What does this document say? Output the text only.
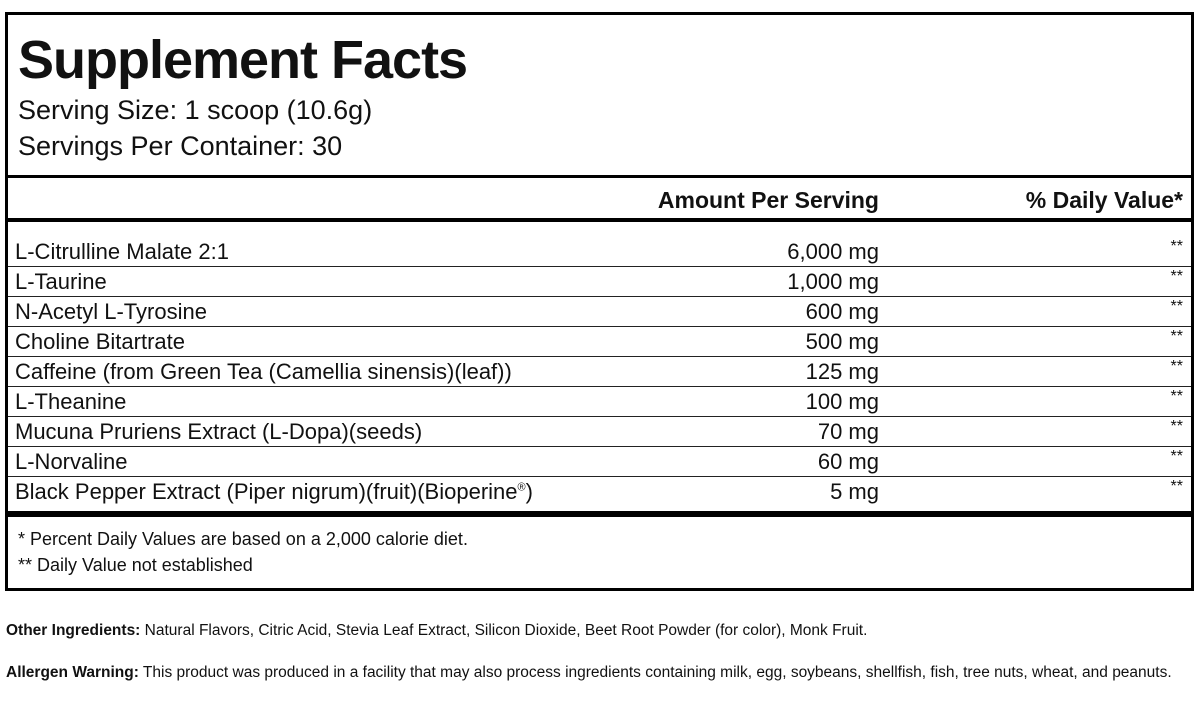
Supplement Facts
Serving Size: 1 scoop (10.6g)
Servings Per Container: 30
Amount Per Serving	% Daily Value*
L-Citrulline Malate 2:1	6,000 mg	**
L-Taurine	1,000 mg	**
N-Acetyl L-Tyrosine	600 mg	**
Choline Bitartrate	500 mg	**
Caffeine (from Green Tea (Camellia sinensis)(leaf))	125 mg	**
L-Theanine	100 mg	**
Mucuna Pruriens Extract (L-Dopa)(seeds)	70 mg	**
L-Norvaline	60 mg	**
Black Pepper Extract (Piper nigrum)(fruit)(Bioperine®)	5 mg	**
* Percent Daily Values are based on a 2,000 calorie diet.
** Daily Value not established
Other Ingredients: Natural Flavors, Citric Acid, Stevia Leaf Extract, Silicon Dioxide, Beet Root Powder (for color), Monk Fruit.
Allergen Warning: This product was produced in a facility that may also process ingredients containing milk, egg, soybeans, shellfish, fish, tree nuts, wheat, and peanuts.
